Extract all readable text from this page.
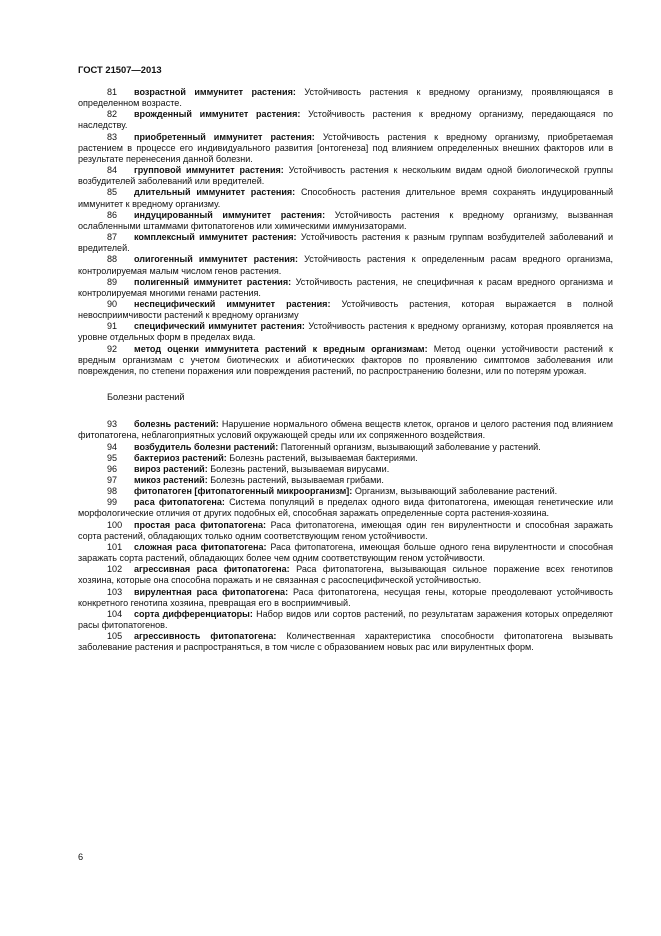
ГОСТ 21507—2013

81 возрастной иммунитет растения: Устойчивость растения к вредному организму, проявляющаяся в определенном возрасте.

82 врожденный иммунитет растения: Устойчивость растения к вредному организму, передающаяся по наследству.

83 приобретенный иммунитет растения: Устойчивость растения к вредному организму, приобретаемая растением в процессе его индивидуального развития [онтогенеза] под влиянием определенных внешних факторов или в результате перенесения данной болезни.

84 групповой иммунитет растения: Устойчивость растения к нескольким видам одной биологической группы возбудителей заболеваний или вредителей.

85 длительный иммунитет растения: Способность растения длительное время сохранять индуцированный иммунитет к вредному организму.

86 индуцированный иммунитет растения: Устойчивость растения к вредному организму, вызванная ослабленными штаммами фитопатогенов или химическими иммунизаторами.

87 комплексный иммунитет растения: Устойчивость растения к разным группам возбудителей заболеваний и вредителей.

88 олигогенный иммунитет растения: Устойчивость растения к определенным расам вредного организма, контролируемая малым числом генов растения.

89 полигенный иммунитет растения: Устойчивость растения, не специфичная к расам вредного организма и контролируемая многими генами растения.

90 неспецифический иммунитет растения: Устойчивость растения, которая выражается в полной невосприимчивости растений к вредному организму

91 специфический иммунитет растения: Устойчивость растения к вредному организму, которая проявляется на уровне отдельных форм в пределах вида.

92 метод оценки иммунитета растений к вредным организмам: Метод оценки устойчивости растений к вредным организмам с учетом биотических и абиотических факторов по проявлению симптомов заболевания или повреждения, по степени поражения или повреждения растений, по распространению болезни, или по потерям урожая.

Болезни растений

93 болезнь растений: Нарушение нормального обмена веществ клеток, органов и целого растения под влиянием фитопатогена, неблагоприятных условий окружающей среды или их сопряженного воздействия.

94 возбудитель болезни растений: Патогенный организм, вызывающий заболевание у растений.

95 бактериоз растений: Болезнь растений, вызываемая бактериями.

96 вироз растений: Болезнь растений, вызываемая вирусами.

97 микоз растений: Болезнь растений, вызываемая грибами.

98 фитопатоген [фитопатогенный микроорганизм]: Организм, вызывающий заболевание растений.

99 раса фитопатогена: Система популяций в пределах одного вида фитопатогена, имеющая генетические или морфологические отличия от других подобных ей, способная заражать определенные сорта растения-хозяина.

100 простая раса фитопатогена: Раса фитопатогена, имеющая один ген вирулентности и способная заражать сорта растений, обладающих только одним соответствующим геном устойчивости.

101 сложная раса фитопатогена: Раса фитопатогена, имеющая больше одного гена вирулентности и способная заражать сорта растений, обладающих более чем одним соответствующим геном устойчивости.

102 агрессивная раса фитопатогена: Раса фитопатогена, вызывающая сильное поражение всех генотипов хозяина, которые она способна поражать и не связанная с расоспецифической устойчивостью.

103 вирулентная раса фитопатогена: Раса фитопатогена, несущая гены, которые преодолевают устойчивость конкретного генотипа хозяина, превращая его в восприимчивый.

104 сорта дифференциаторы: Набор видов или сортов растений, по результатам заражения которых определяют расы фитопатогенов.

105 агрессивность фитопатогена: Количественная характеристика способности фитопатогена вызывать заболевание растения и распространяться, в том числе с образованием новых рас или вирулентных форм.

6
